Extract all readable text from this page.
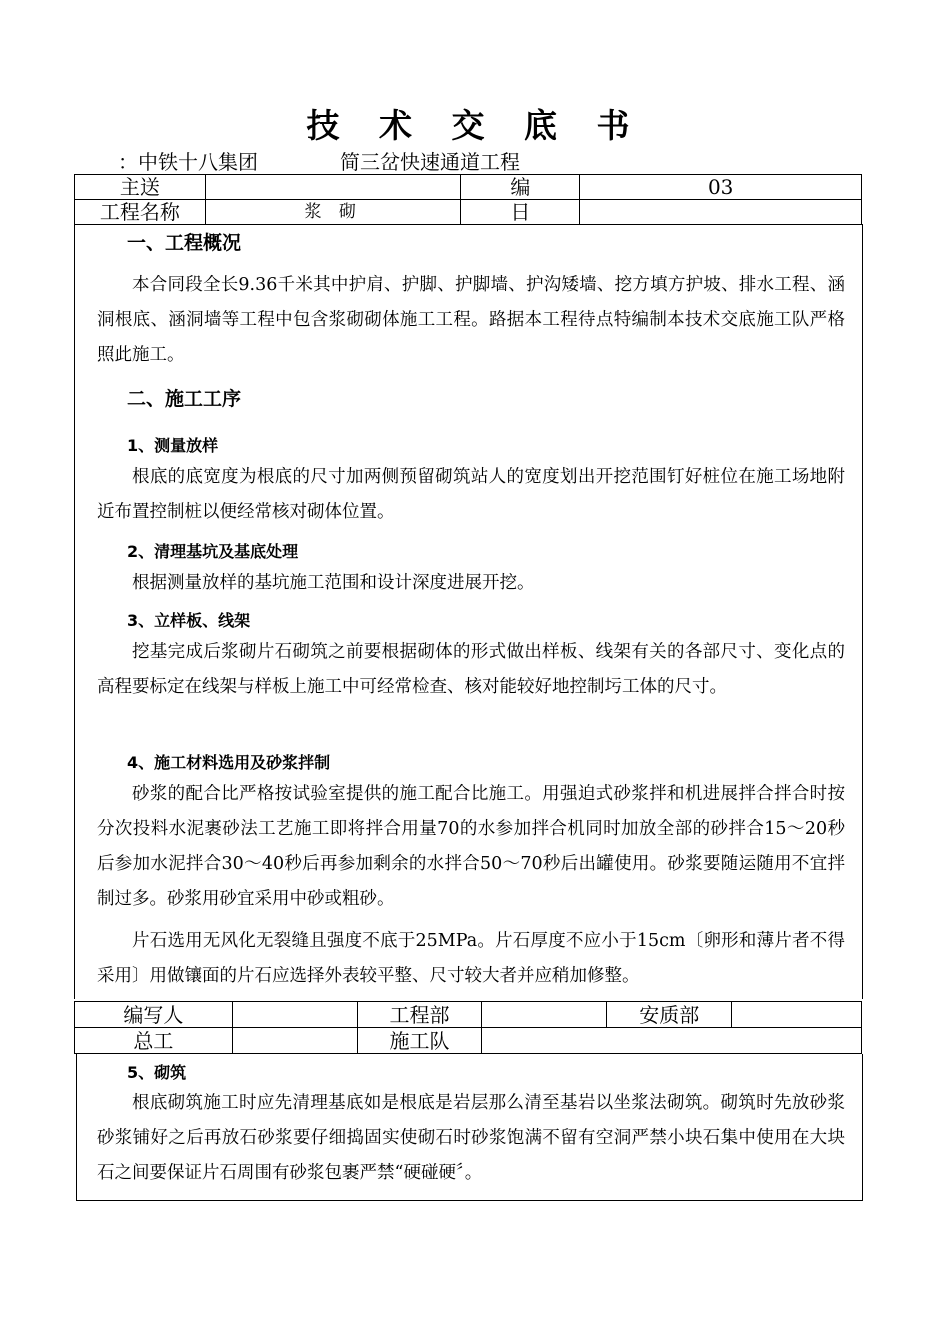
技 术 交 底 书
：中铁十八集团	简三岔快速通道工程
主送		编	03
工程名称	浆 砌	日	
一、工程概况

本合同段全长9.36千米其中护肩、护脚、护脚墙、护沟矮墙、挖方填方护坡、排水工程、涵洞根底、涵洞墙等工程中包含浆砌砌体施工工程。路据本工程待点特编制本技术交底施工队严格照此施工。

二、施工工序
1、测量放样

根底的底宽度为根底的尺寸加两侧预留砌筑站人的宽度划出开挖范围钉好桩位在施工场地附近布置控制桩以便经常核对砌体位置。

2、清理基坑及基底处理

根据测量放样的基坑施工范围和设计深度进展开挖。

3、立样板、线架

挖基完成后浆砌片石砌筑之前要根据砌体的形式做出样板、线架有关的各部尺寸、变化点的高程要标定在线架与样板上施工中可经常检查、核对能较好地控制圬工体的尺寸。

4、施工材料选用及砂浆拌制

砂浆的配合比严格按试验室提供的施工配合比施工。用强迫式砂浆拌和机进展拌合拌合时按分次投料水泥裹砂法工艺施工即将拌合用量70的水参加拌合机同时加放全部的砂拌合15～20秒后参加水泥拌合30～40秒后再参加剩余的水拌合50～70秒后出罐使用。砂浆要随运随用不宜拌制过多。砂浆用砂宜采用中砂或粗砂。

片石选用无风化无裂缝且强度不底于25MPa。片石厚度不应小于15cm〔卵形和薄片者不得采用〕用做镶面的片石应选择外表较平整、尺寸较大者并应稍加修整。

编写人		工程部		安质部	
总工		施工队			
5、砌筑

根底砌筑施工时应先清理基底如是根底是岩层那么清至基岩以坐浆法砌筑。砌筑时先放砂浆砂浆铺好之后再放石砂浆要仔细捣固实使砌石时砂浆饱满不留有空洞严禁小块石集中使用在大块石之间要保证片石周围有砂浆包裹严禁“硬碰硬〞。
